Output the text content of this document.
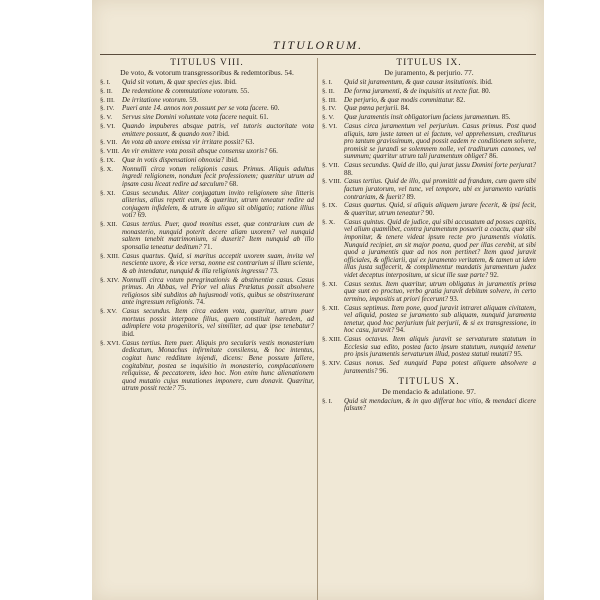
TITULORUM.
TITULUS VIII.
De voto, & votorum transgressoribus & redemtoribus. 54.
§. I.	Quid sit votum, & quæ species ejus. ibid.
§. II.	De redemtione & commutatione votorum. 55.
§. III.	De irritatione votorum. 59.
§. IV.	Pueri ante 14. annos non possunt per se vota facere. 60.
§. V.	Servus sine Domini voluntate vota facere nequit. 61.
§. VI. Quando impuberes absque patris, vel tutoris auctoritate vota emittere possunt, & quando non? ibid.
§. VII. An vota ab uxore emissa vir irritare possit? 63.
§. VIII. An vir emittere vota possit absque consensu uxoris? 66.
§. IX. Quæ in votis dispensationi obnoxia? ibid.
§. X.	Nonnulli circa votum religionis casus. Primus. Aliquis adultus ingredi religionem, nondum fecit professionem; quæritur utrum ad ipsam casu liceat redire ad sæculum? 68.
§. XI. Casus secundus. Aliter conjugatum invito religionem sine litteris aliterius, alius repetit eum, & quæritur, utrum teneatur redire ad conjugem infidelem, & utrum in aliquo sit obligatio; ratione illius voti? 69.
§. XII. Casus tertius. Puer, quod monitus esset, quæ contrarium cum de monasterio, nunquid poterit decere aliam uxorem? vel nunquid saltem tenebit matrimonium, si duxerit? Item nunquid ab illo sponsalia teneatur deditum? 71.
§. XIII. Casus quartus. Quid, si maritus acceptit uxorem suam, invita vel nesciente uxore, & vice versa, nonne est contrarium si illum sciente, & ab intendatur, nunquid & illa religionis ingressu? 73.
§. XIV. Nonnulli circa votum peregrinationis & abstinentiæ casus. Casus primus. An Abbas, vel Prior vel alius Prælatus possit absolvere religiosos sibi subditos ab hujusmodi votis, quibus se obstrinxerant ante ingressum religionis. 74.
§. XV. Casus secundus. Item circa eadem vota, quæritur, utrum puer mortuus possit interpone filius, quem constituit hæredem, ad adimplere vota progenitoris, vel similiter, ad quæ ipse tenebatur? ibid.
§. XVI. Casus tertius. Item puer. Aliquis pro secularis vestis monasterium dedicatum, Monachus infirmitate consilensu, & hoc intentus, cogitat hunc redditum injendi, dicens: Bene possum fallere, cogitabitur, postea se inquisitio in monasterio, complacationem reliquisse, & peccatorem, ideo hoc. Non enim hunc alienationem quod mutatio cujus mutationes imponere, cum donavit. Quæritur, utrum possit recte? 75.
TITULUS IX.
De juramento, & perjurio. 77.
§. I.	Quid sit juramentum, & quæ causæ insitutionis. ibid.
§. II.	De forma juramenti, & de inquisitis ut recte fiat. 80.
§. III.	De perjurio, & quæ modis committatur. 82.
§. IV.	Quæ pœna perjurii. 84.
§. V.	Quæ juramentis insit obligatorium faciens juramentum. 85.
§. VI. Casus circa juramentum vel perjurium. Casus primus. Post quod aliquis, tam juste tamen ut ei factum, vel apprehensum, crediturus pro tantum gravissimum, quod possit eadem re conditionem solvere, promisit se jurandi se solemnem nolle, vel traditurum canones, vel summum; quæritur utrum tali juramentum obliget? 86.
§. VII. Casus secundus. Quid de illo, qui jurat jussu Domini forte perjurat? 88.
§. VIII. Casus tertius. Quid de illo, qui promittit ad frandum, cum quem sibi factum juratorum, vel tunc, vel tempore, ubi ex juramento variatis contrariam, & fuerit? 89.
§. IX. Casus quartus. Quid, si aliquis aliquem jurare fecerit, & ipsi fecit, & quæritur, utrum teneatur? 90.
§. X.	Casus quintus. Quid de judice, qui sibi accusatum ad posses capitis, vel alium quamlibet, contra juramentum posuerit a coactu, quæ sibi imponitur, & tenere videat ipsum recte pro juramentis violatis. Nunquid recipiet, an sit major poena, quod per illas cerebit, ut sibi quod a juramentis quæ ad nos non pertinet? Item quod juravit officiales, & officiarii, qui ex juramento veritatem, & tamen ut idem illas justa suffecerit, & complimentur mandatis juramentum judex videt deceptus interpositum, ut sicut ille suæ parte? 92.
§. XI. Casus sextus. Item quæritur, utrum obligatus in juramentis prima quæ sunt eo proctuo, verbo gratia juravit debitum solvere, in certo termino, impositis ut priori fecerunt? 93.
§. XII. Casus septimus. Item pone, quod juravit intraret aliquam civitatem, vel aliquid, postea se juramento sub aliquam, nunquid juramenta tenetur, quod hoc perjurium fuit perjurii, & si ex transgressione, in hoc casu, juravit? 94.
§. XIII. Casus octavus. Item aliquis juravit se servaturum statutum in Ecclesia sua edito, postea facto ipsum statutum, nunquid tenetur pro ipsis juramentis servaturum illud, postea statuti mutati? 95.
§. XIV. Casus nonus. Sed nunquid Papa potest aliquem absolvere a juramentis? 96.
TITULUS X.
De mendacio & adulatione. 97.
§. I.	Quid sit mendacium, & in quo differat hoc vitio, & mendaci dicere falsum?
